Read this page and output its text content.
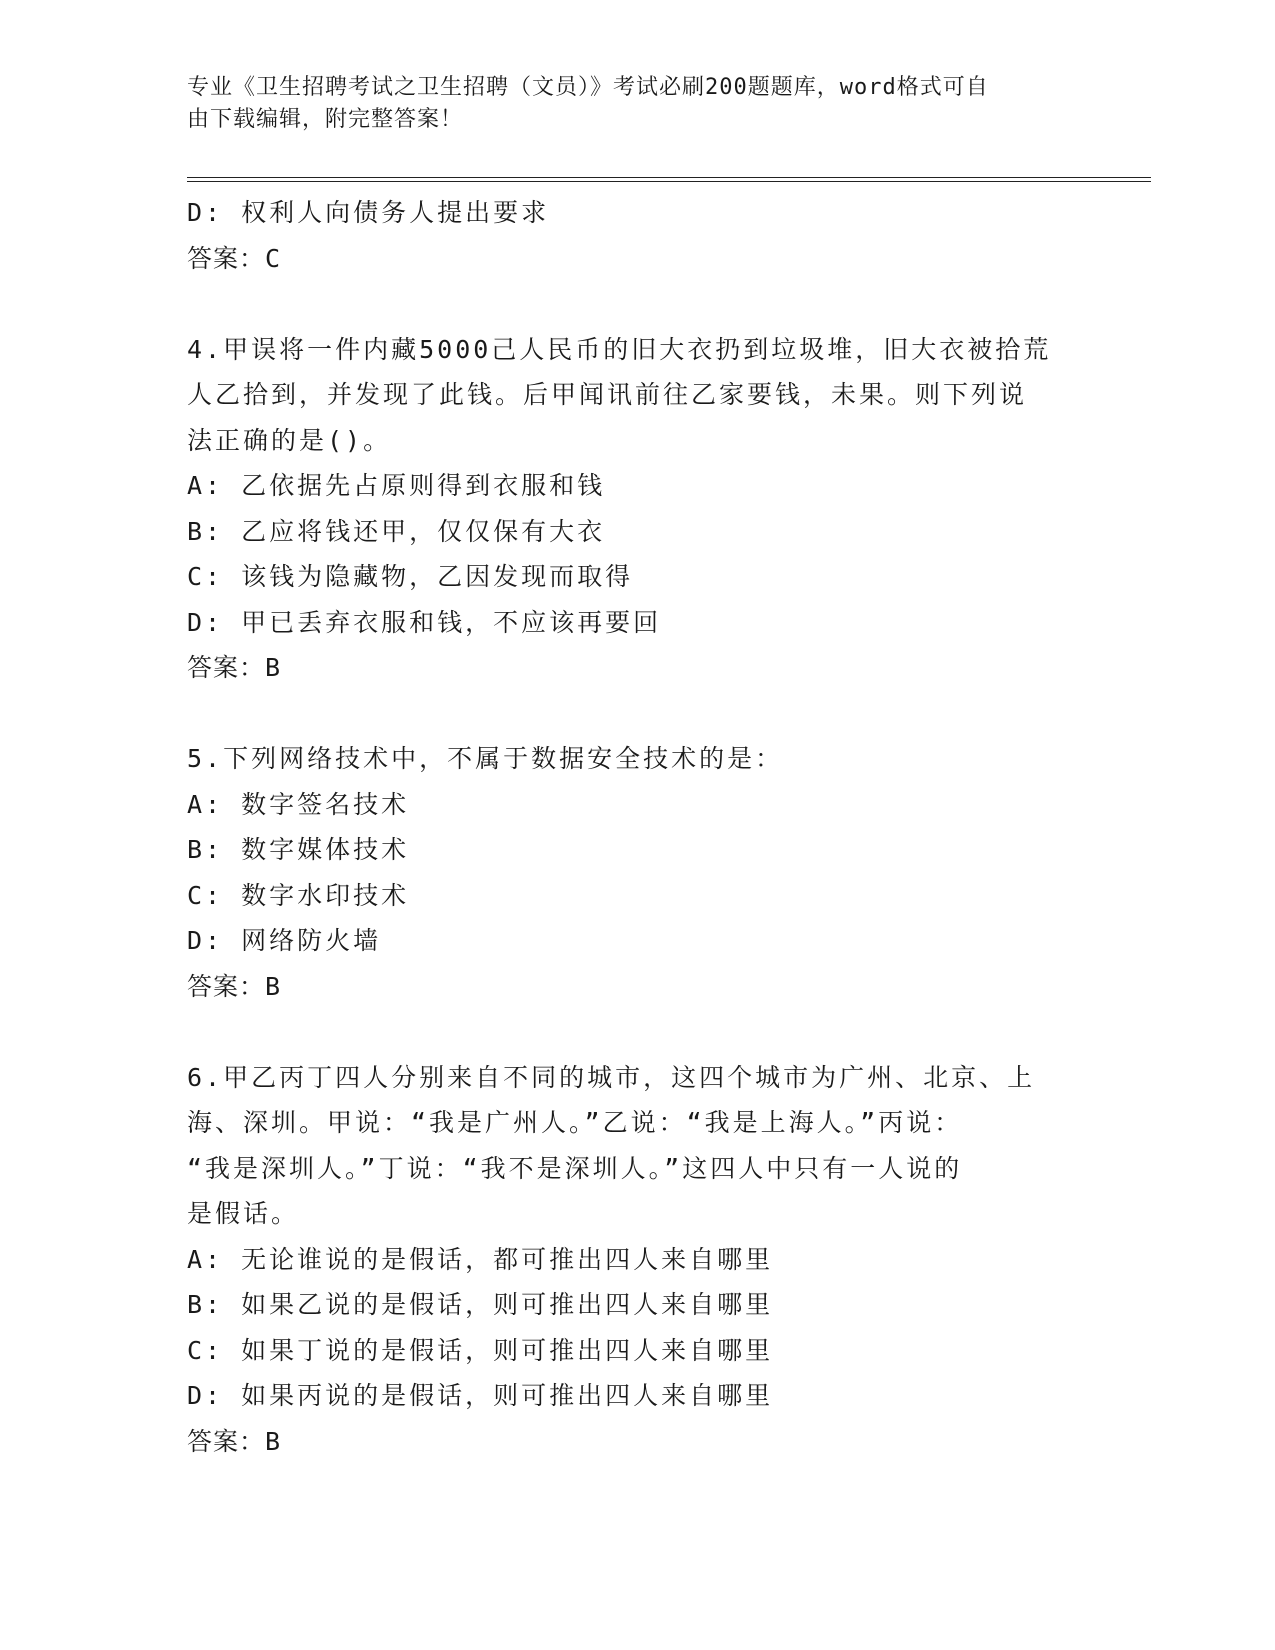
专业《卫生招聘考试之卫生招聘（文员）》考试必刷200题题库，word格式可自
由下载编辑，附完整答案！
D: 权利人向债务人提出要求
答案：C
4.甲误将一件内藏5000己人民币的旧大衣扔到垃圾堆，旧大衣被拾荒
人乙拾到，并发现了此钱。后甲闻讯前往乙家要钱，未果。则下列说
法正确的是()。
A: 乙依据先占原则得到衣服和钱
B: 乙应将钱还甲，仅仅保有大衣
C: 该钱为隐藏物，乙因发现而取得
D: 甲已丢弃衣服和钱，不应该再要回
答案：B
5.下列网络技术中，不属于数据安全技术的是：
A: 数字签名技术
B: 数字媒体技术
C: 数字水印技术
D: 网络防火墙
答案：B
6.甲乙丙丁四人分别来自不同的城市，这四个城市为广州、北京、上
海、深圳。甲说：“我是广州人。”乙说：“我是上海人。”丙说：
“我是深圳人。”丁说：“我不是深圳人。”这四人中只有一人说的
是假话。
A: 无论谁说的是假话，都可推出四人来自哪里
B: 如果乙说的是假话，则可推出四人来自哪里
C: 如果丁说的是假话，则可推出四人来自哪里
D: 如果丙说的是假话，则可推出四人来自哪里
答案：B
